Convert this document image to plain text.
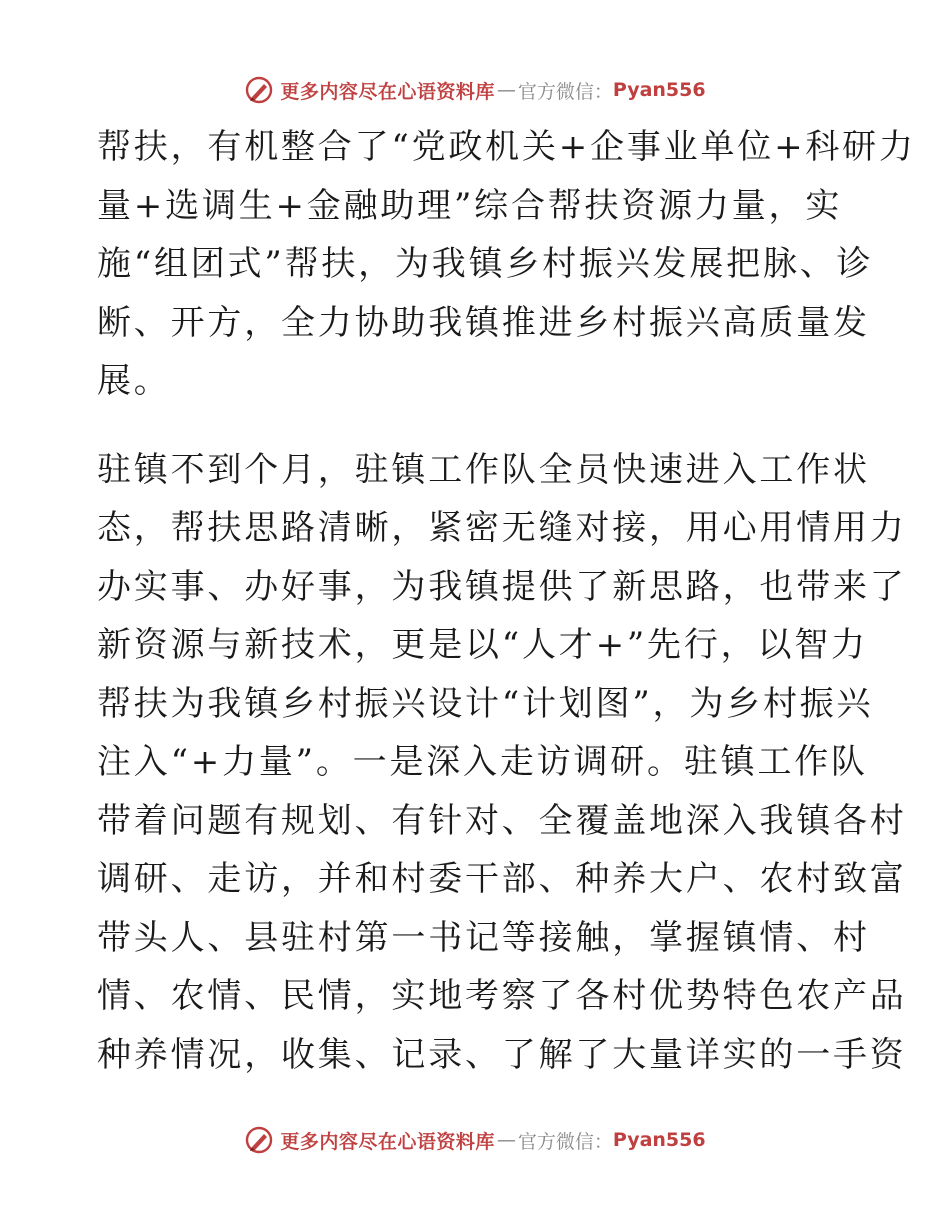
更多内容尽在心语资料库 — 官方微信： Pyan556

帮扶，有机整合了“党政机关+企事业单位+科研力
量+选调生+金融助理”综合帮扶资源力量，实
施“组团式”帮扶，为我镇乡村振兴发展把脉、诊
断、开方，全力协助我镇推进乡村振兴高质量发
展。

驻镇不到个月，驻镇工作队全员快速进入工作状
态，帮扶思路清晰，紧密无缝对接，用心用情用力
办实事、办好事，为我镇提供了新思路，也带来了
新资源与新技术，更是以“人才+”先行，以智力
帮扶为我镇乡村振兴设计“计划图”，为乡村振兴
注入“+力量”。一是深入走访调研。驻镇工作队
带着问题有规划、有针对、全覆盖地深入我镇各村
调研、走访，并和村委干部、种养大户、农村致富
带头人、县驻村第一书记等接触，掌握镇情、村
情、农情、民情，实地考察了各村优势特色农产品
种养情况，收集、记录、了解了大量详实的一手资

更多内容尽在心语资料库 — 官方微信： Pyan556
